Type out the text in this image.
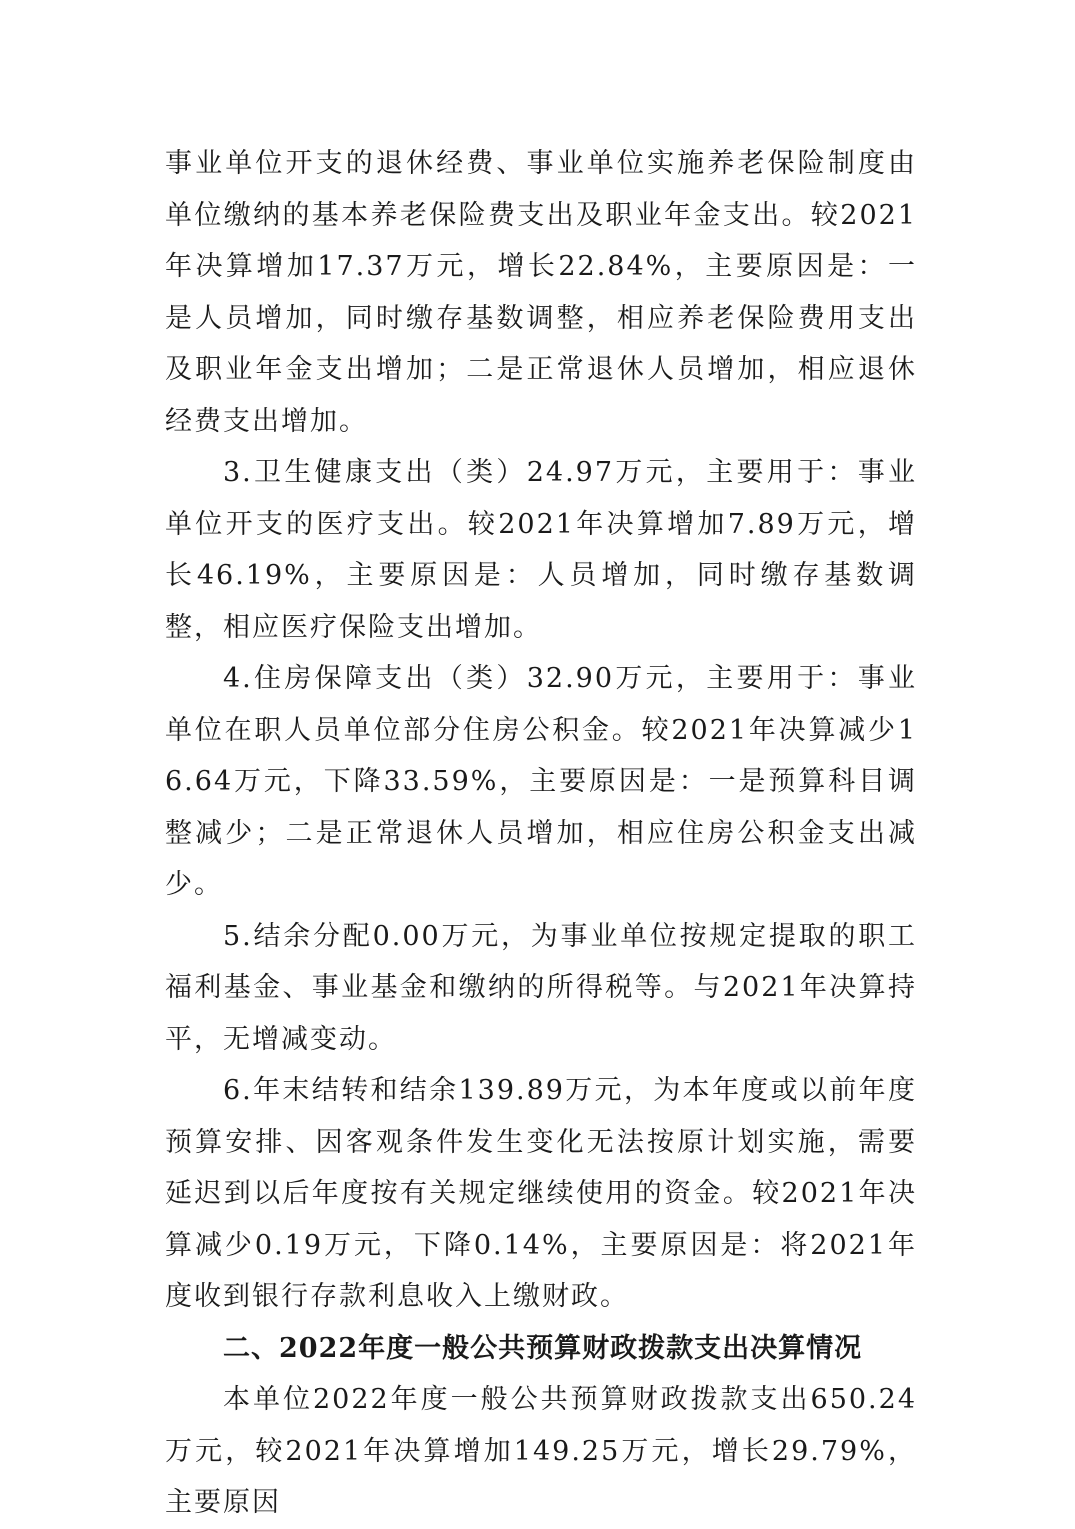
事业单位开支的退休经费、事业单位实施养老保险制度由单位缴纳的基本养老保险费支出及职业年金支出。较2021年决算增加17.37万元，增长22.84%，主要原因是：一是人员增加，同时缴存基数调整，相应养老保险费用支出及职业年金支出增加；二是正常退休人员增加，相应退休经费支出增加。

3.卫生健康支出（类）24.97万元，主要用于：事业单位开支的医疗支出。较2021年决算增加7.89万元，增长46.19%，主要原因是：人员增加，同时缴存基数调整，相应医疗保险支出增加。

4.住房保障支出（类）32.90万元，主要用于：事业单位在职人员单位部分住房公积金。较2021年决算减少16.64万元，下降33.59%，主要原因是：一是预算科目调整减少；二是正常退休人员增加，相应住房公积金支出减少。

5.结余分配0.00万元，为事业单位按规定提取的职工福利基金、事业基金和缴纳的所得税等。与2021年决算持平，无增减变动。

6.年末结转和结余139.89万元，为本年度或以前年度预算安排、因客观条件发生变化无法按原计划实施，需要延迟到以后年度按有关规定继续使用的资金。较2021年决算减少0.19万元，下降0.14%，主要原因是：将2021年度收到银行存款利息收入上缴财政。

二、2022年度一般公共预算财政拨款支出决算情况

本单位2022年度一般公共预算财政拨款支出650.24万元，较2021年决算增加149.25万元，增长29.79%，主要原因
